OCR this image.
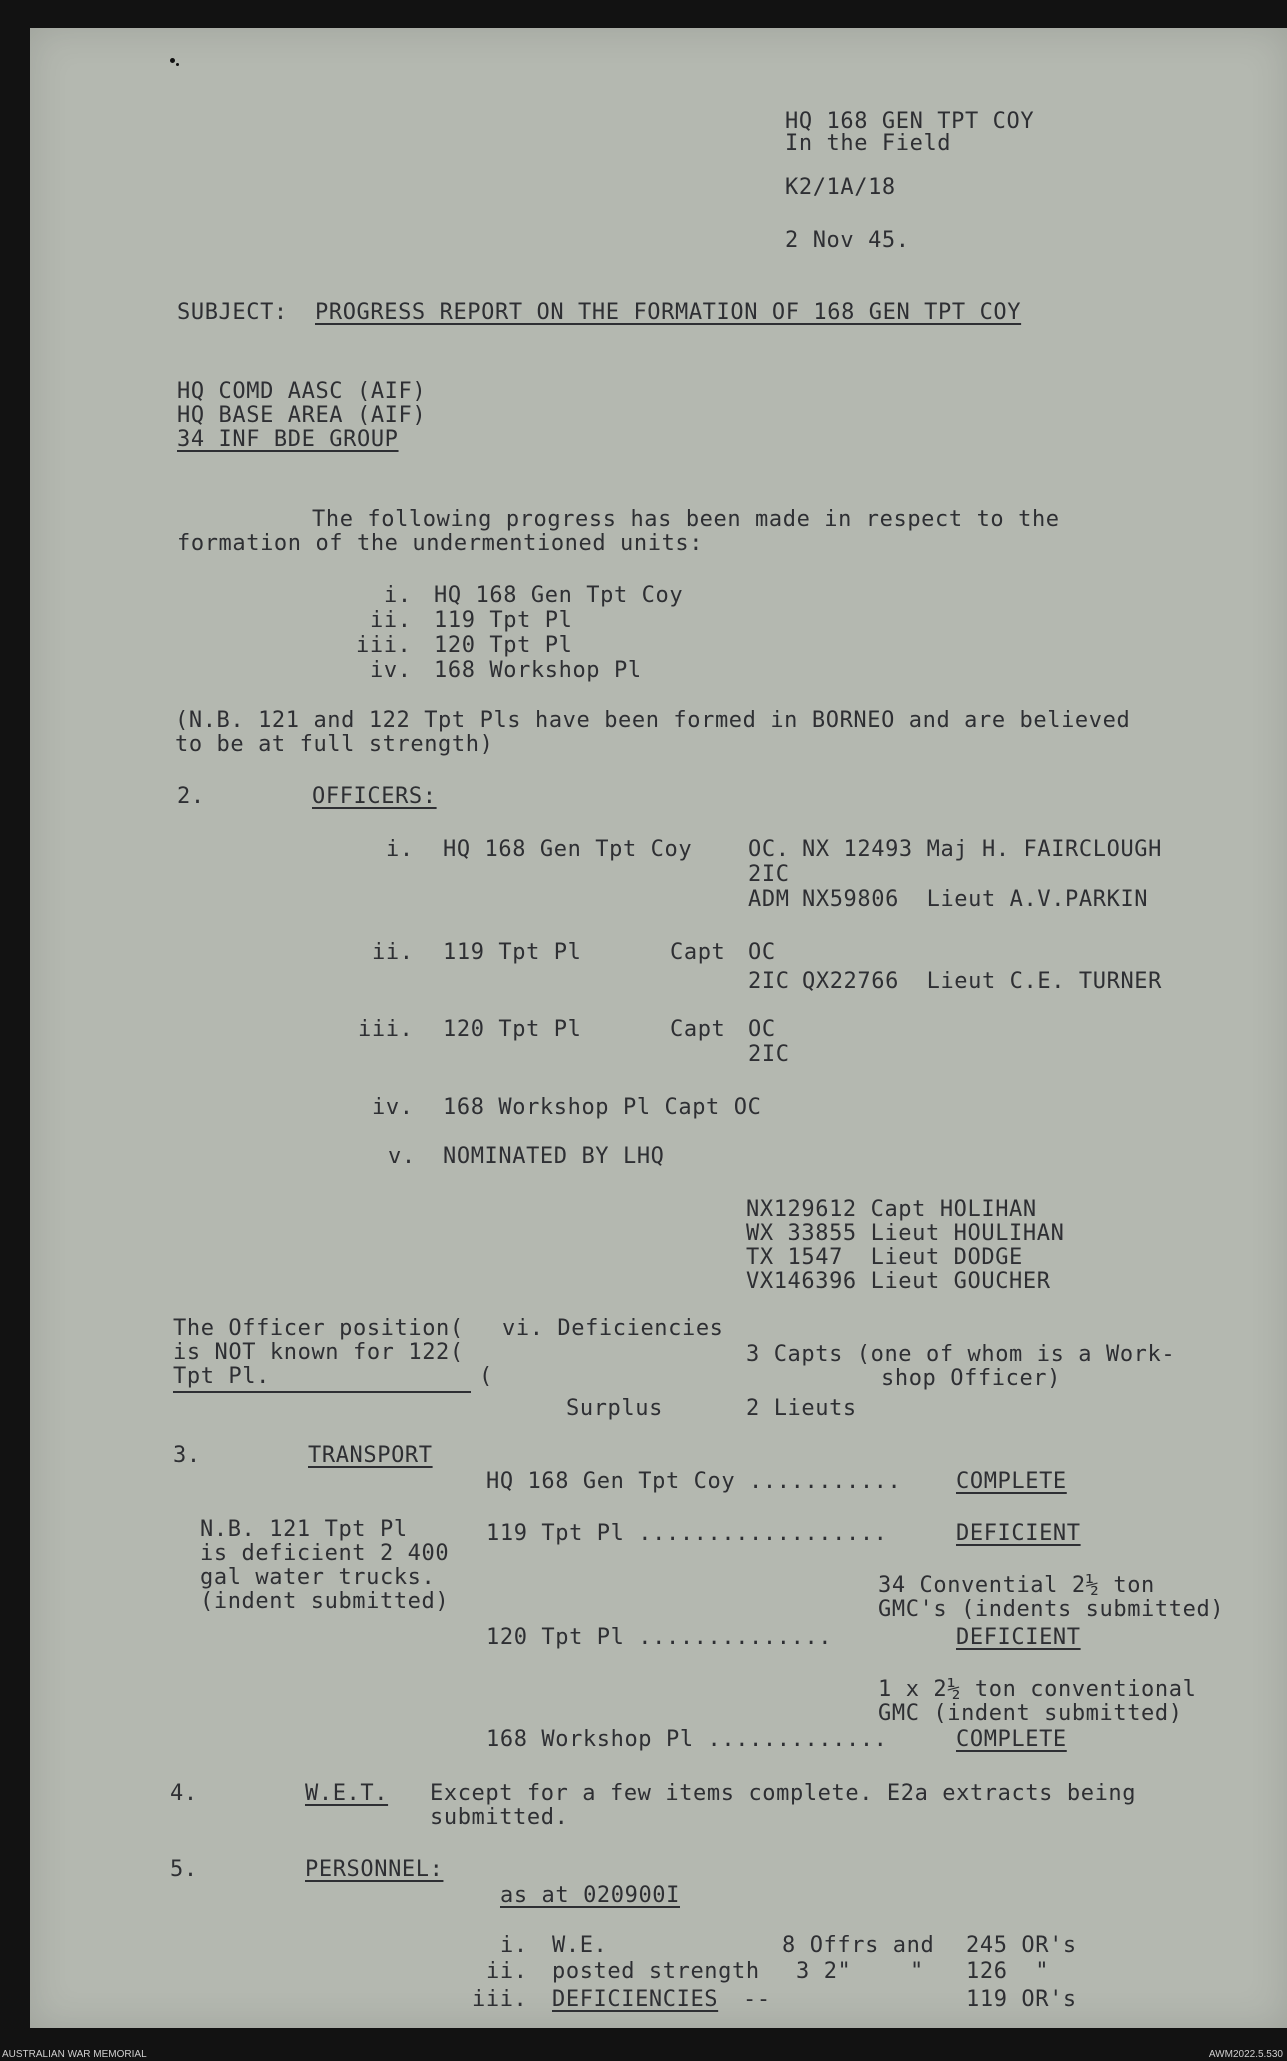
HQ 168 GEN TPT COY
In the Field
K2/1A/18
2 Nov 45.
SUBJECT: PROGRESS REPORT ON THE FORMATION OF 168 GEN TPT COY
HQ COMD AASC (AIF)
HQ BASE AREA (AIF)
34 INF BDE GROUP
The following progress has been made in respect to the
formation of the undermentioned units:
i. HQ 168 Gen Tpt Coy
ii. 119 Tpt Pl
iii. 120 Tpt Pl
iv. 168 Workshop Pl
(N.B. 121 and 122 Tpt Pls have been formed in BORNEO and are believed
to be at full strength)
2.	OFFICERS:
i. HQ 168 Gen Tpt Coy	OC. NX 12493 Maj H. FAIRCLOUGH
2IC
ADM NX59806  Lieut A.V.PARKIN
ii. 119 Tpt Pl	Capt OC
2IC QX22766  Lieut C.E. TURNER
iii. 120 Tpt Pl	Capt OC
2IC
iv. 168 Workshop Pl Capt OC
v. NOMINATED BY LHQ
NX129612 Capt HOLIHAN
WX 33855 Lieut HOULIHAN
TX 1547  Lieut DODGE
VX146396 Lieut GOUCHER
The Officer position(
is NOT known for 122(
Tpt Pl.	(
vi. Deficiencies
3 Capts (one of whom is a Work-
shop Officer)
Surplus	2 Lieuts
3.	TRANSPORT
N.B. 121 Tpt Pl
is deficient 2 400
gal water trucks.
(indent submitted)
HQ 168 Gen Tpt Coy ........... COMPLETE
119 Tpt Pl ..................	DEFICIENT
34 Convential 2½ ton
GMC's (indents submitted)
120 Tpt Pl ..............	DEFICIENT
1 x 2½ ton conventional
GMC (indent submitted)
168 Workshop Pl .............	COMPLETE
4.	W.E.T. Except for a few items complete. E2a extracts being
submitted.
5.	PERSONNEL:
as at 020900I
i. W.E.	8 Offrs and 245 OR's
ii. posted strength 3 2"	" 126  "
iii. DEFICIENCIES --	119 OR's
AUSTRALIAN WAR MEMORIAL	AWM2022.5.530
